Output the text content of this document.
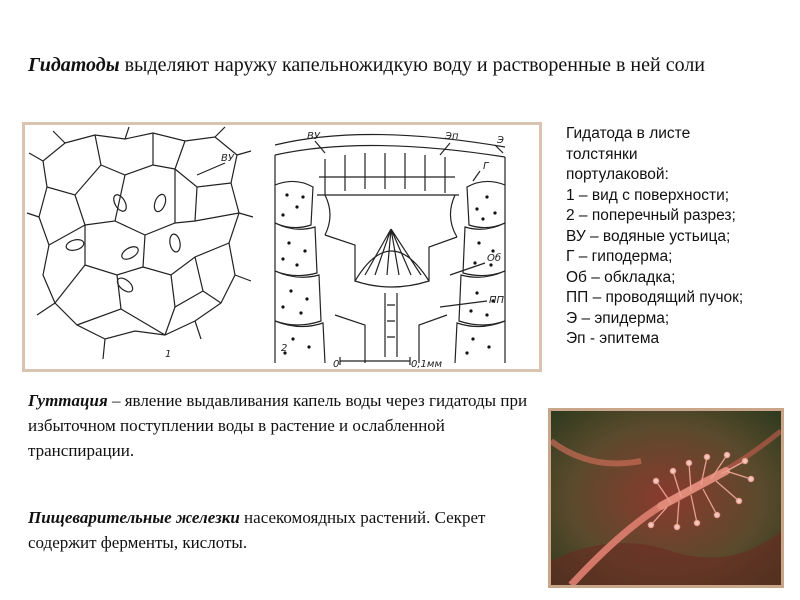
Гидатоды выделяют наружу капельножидкую воду и растворенные в ней соли
ВУ
1
ВУ	Эп	Э
Г
Об
ПП
2
0	0,1мм
Гидатода в листе
толстянки
портулаковой:
1 – вид с поверхности;
2 – поперечный разрез;
ВУ – водяные устьица;
Г – гиподерма;
Об – обкладка;
ПП – проводящий пучок;
Э – эпидерма;
Эп - эпитема
Гуттация – явление выдавливания капель воды через гидатоды при избыточном поступлении воды в растение и ослабленной транспирации.
Пищеварительные железки насекомоядных растений. Секрет содержит ферменты, кислоты.
